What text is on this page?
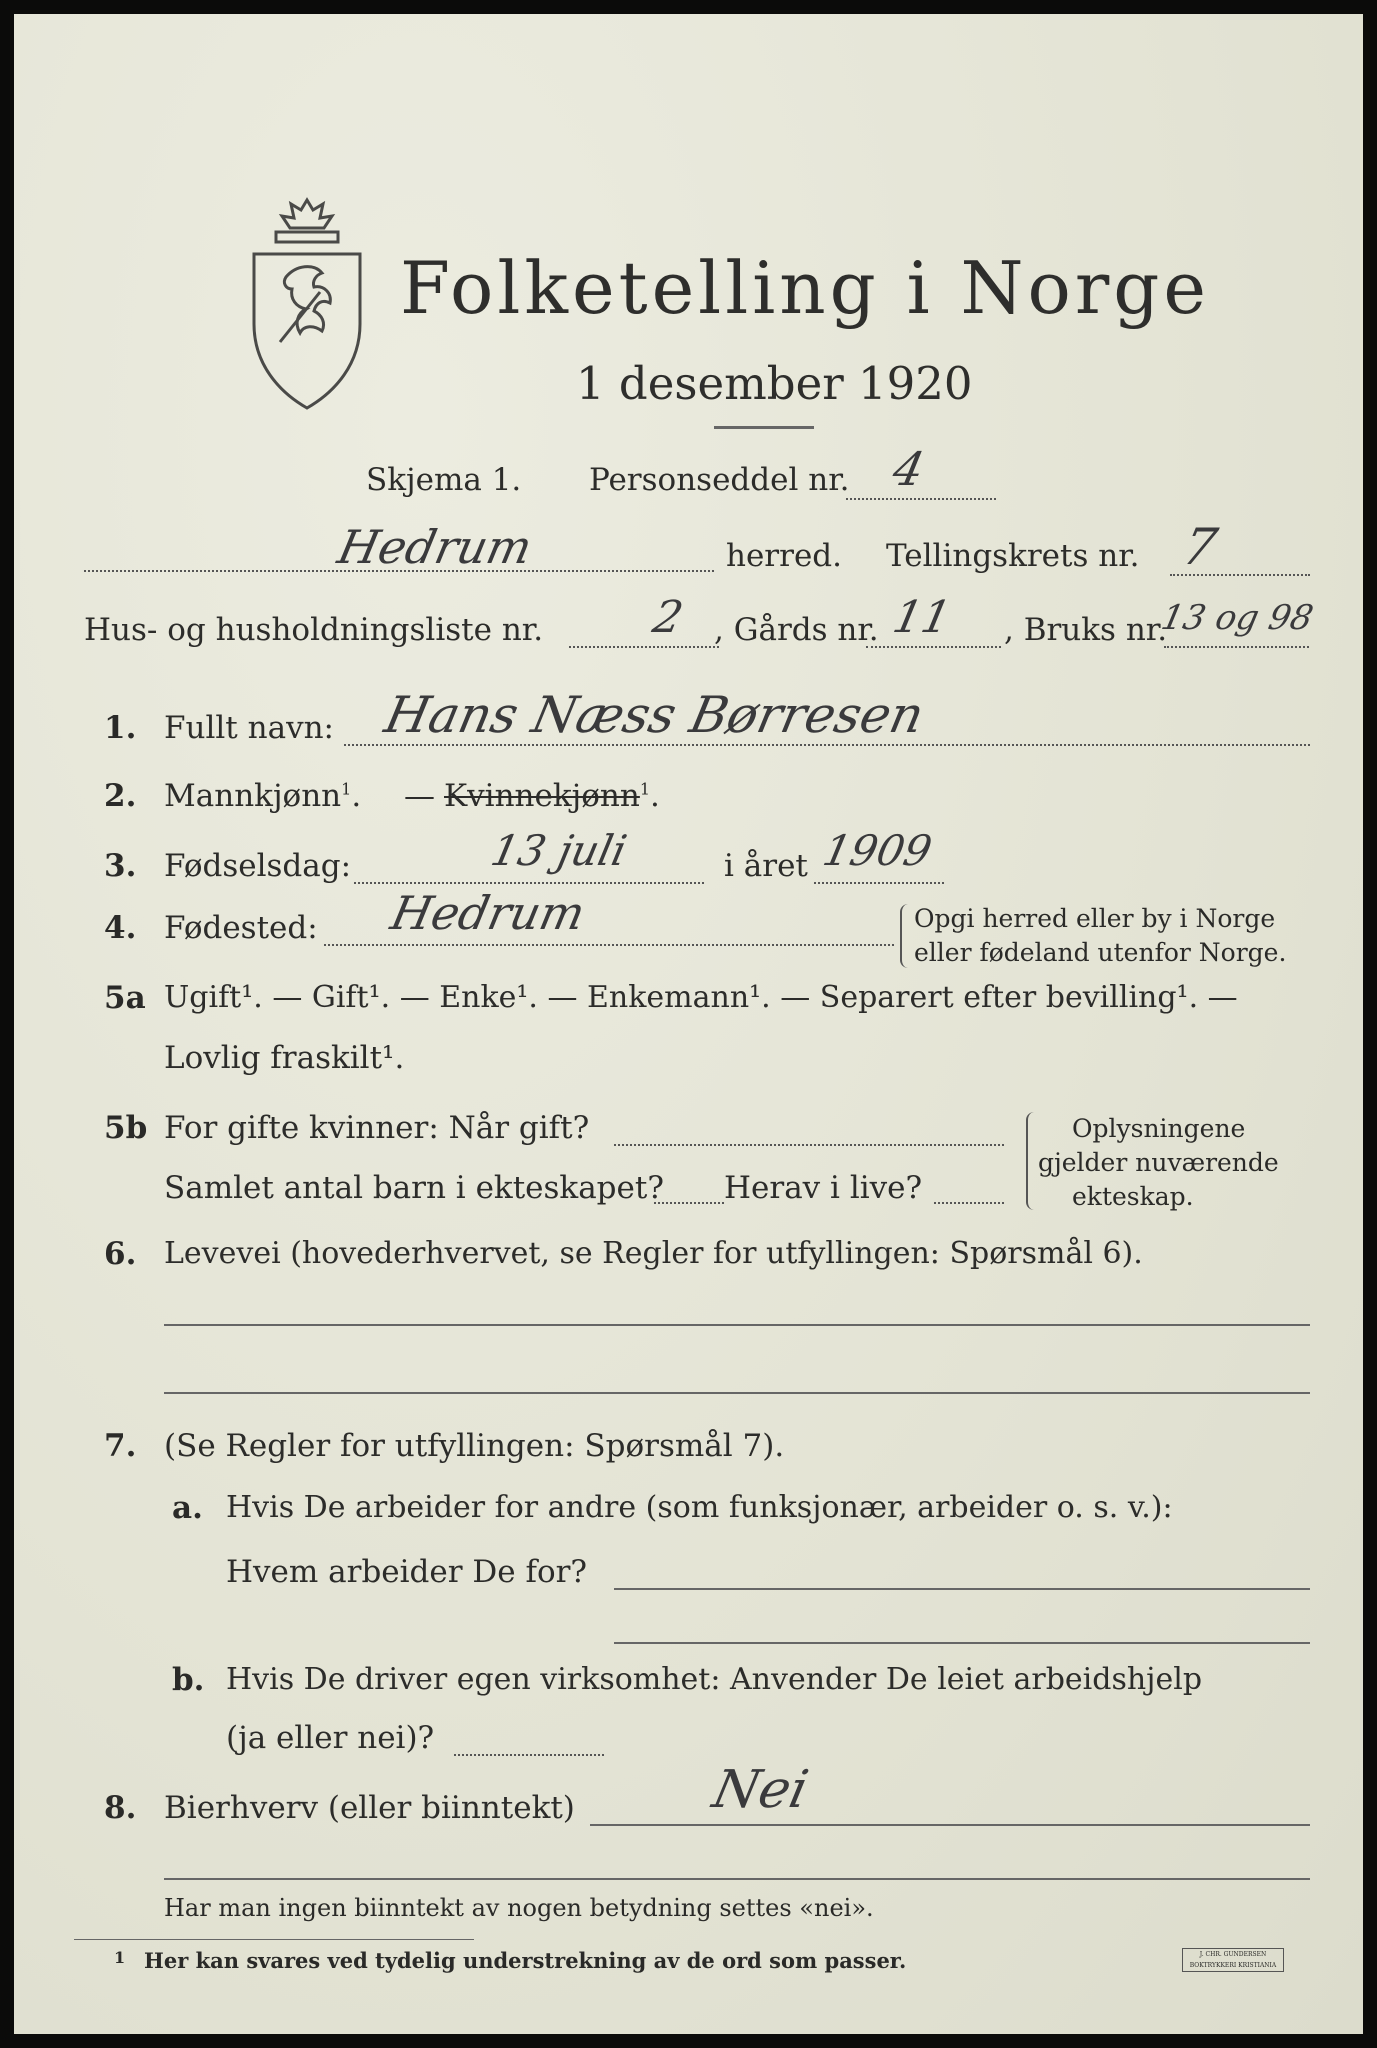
Folketelling i Norge
1 desember 1920
Skjema 1. Personseddel nr. 4
Hedrum	herred. Tellingskrets nr. 7
Hus- og husholdningsliste nr. 2 , Gårds nr. 11 , Bruks nr.
13 og 98
1. Fullt navn: Hans Næss Børresen
2. Mannkjønn$^1$. — Kvinnekjønn$^1$.
3. Fødselsdag:	13 juli	i året 1909
4. Fødested: Hedrum	Opgi herred eller by i Norge
eller fødeland utenfor Norge.
5a Ugift¹. — Gift¹. — Enke¹. — Enkemann¹. — Separert efter bevilling¹. —
Lovlig fraskilt¹.
5b For gifte kvinner: Når gift?
Samlet antal barn i ekteskapet? Herav i live?
Oplysningene
gjelder nuværende
ekteskap.
6. Levevei (hovederhvervet, se Regler for utfyllingen: Spørsmål 6).
7. (Se Regler for utfyllingen: Spørsmål 7).
a. Hvis De arbeider for andre (som funksjonær, arbeider o. s. v.):
Hvem arbeider De for?
b. Hvis De driver egen virksomhet: Anvender De leiet arbeidshjelp
(ja eller nei)?
8. Bierhverv (eller biinntekt)	Nei
Har man ingen biinntekt av nogen betydning settes «nei».
1 Her kan svares ved tydelig understrekning av de ord som passer.	J. CHR. GUNDERSEN BOKTRYKKERI KRISTIANIA
